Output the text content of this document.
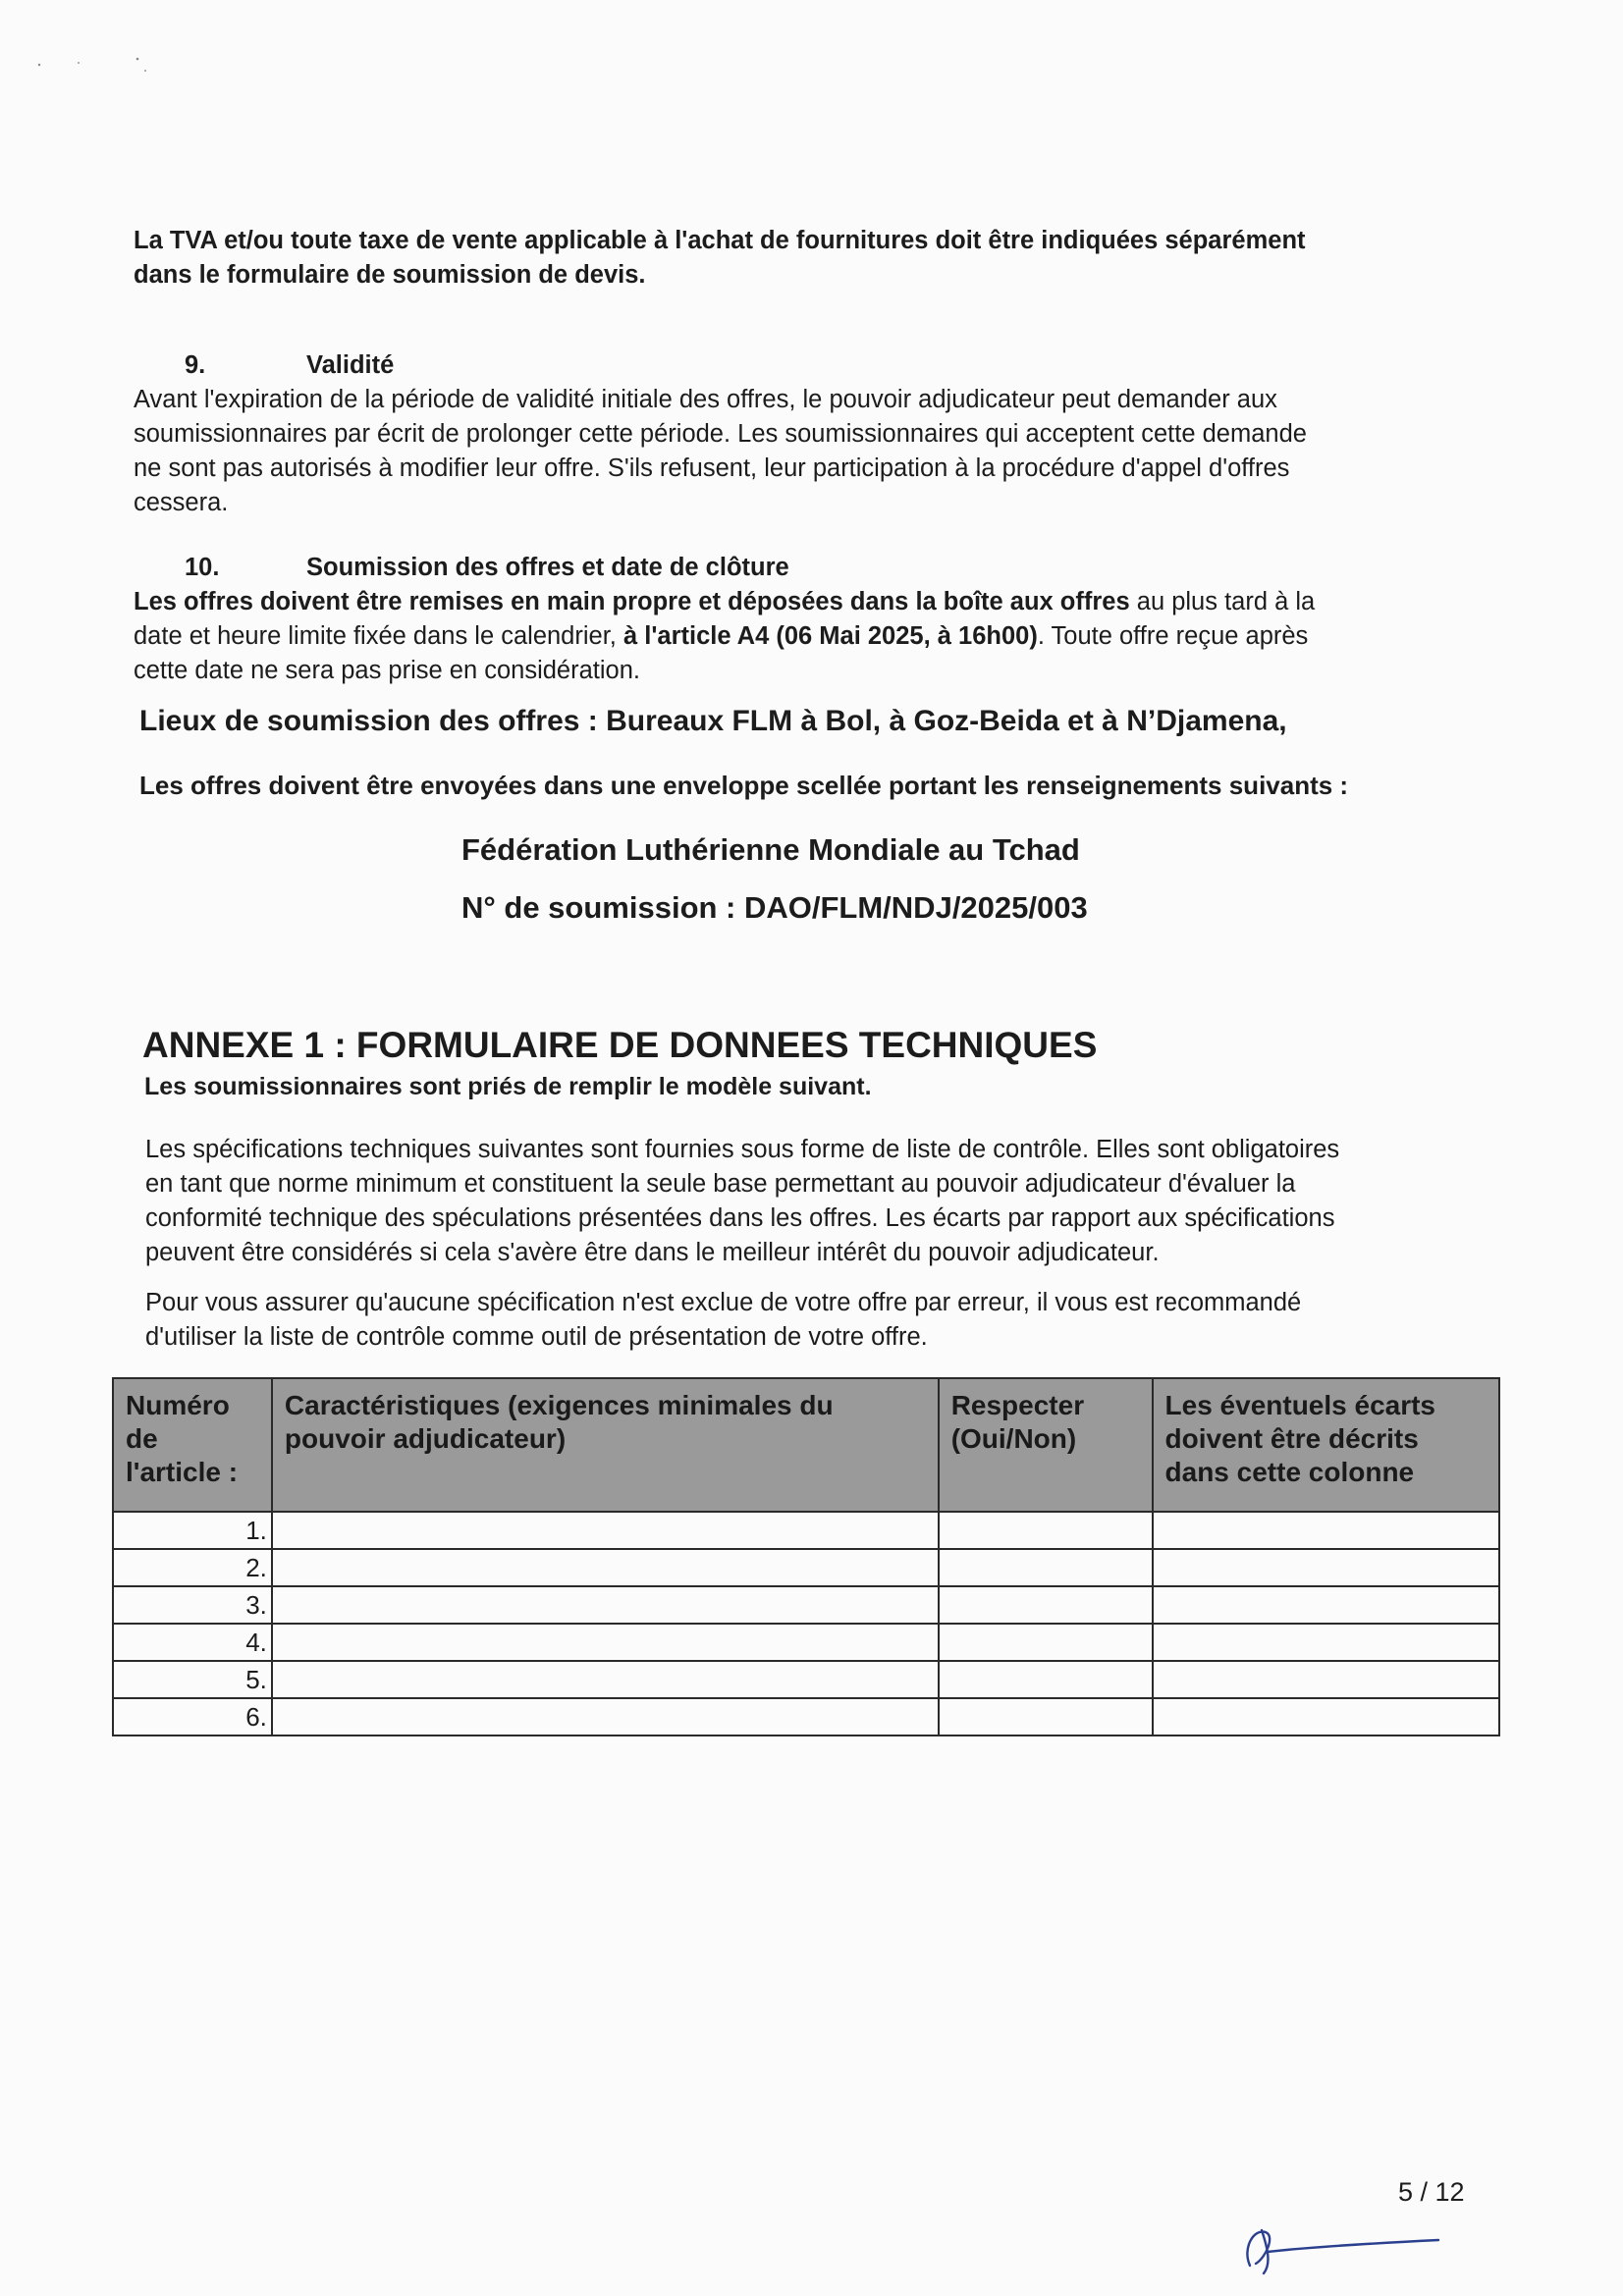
La TVA et/ou toute taxe de vente applicable à l'achat de fournitures doit être indiquées séparément

dans le formulaire de soumission de devis.

9.	Validité

Avant l'expiration de la période de validité initiale des offres, le pouvoir adjudicateur peut demander aux

soumissionnaires par écrit de prolonger cette période. Les soumissionnaires qui acceptent cette demande

ne sont pas autorisés à modifier leur offre. S'ils refusent, leur participation à la procédure d'appel d'offres

cessera.

10.	Soumission des offres et date de clôture

Les offres doivent être remises en main propre et déposées dans la boîte aux offres au plus tard à la

date et heure limite fixée dans le calendrier, à l'article A4 (06 Mai 2025, à 16h00). Toute offre reçue après

cette date ne sera pas prise en considération.

Lieux de soumission des offres : Bureaux FLM à Bol, à Goz-Beida et à N’Djamena,
Les offres doivent être envoyées dans une enveloppe scellée portant les renseignements suivants :
Fédération Luthérienne Mondiale au Tchad
N° de soumission : DAO/FLM/NDJ/2025/003
ANNEXE 1 : FORMULAIRE DE DONNEES TECHNIQUES
Les soumissionnaires sont priés de remplir le modèle suivant.

Les spécifications techniques suivantes sont fournies sous forme de liste de contrôle. Elles sont obligatoires

en tant que norme minimum et constituent la seule base permettant au pouvoir adjudicateur d'évaluer la

conformité technique des spéculations présentées dans les offres. Les écarts par rapport aux spécifications

peuvent être considérés si cela s'avère être dans le meilleur intérêt du pouvoir adjudicateur.

Pour vous assurer qu'aucune spécification n'est exclue de votre offre par erreur, il vous est recommandé

d'utiliser la liste de contrôle comme outil de présentation de votre offre.

Numéro de l'article :	Caractéristiques (exigences minimales du pouvoir adjudicateur)	Respecter (Oui/Non)	Les éventuels écarts doivent être décrits dans cette colonne
1.			
2.			
3.			
4.			
5.			
6.			
5 / 12
